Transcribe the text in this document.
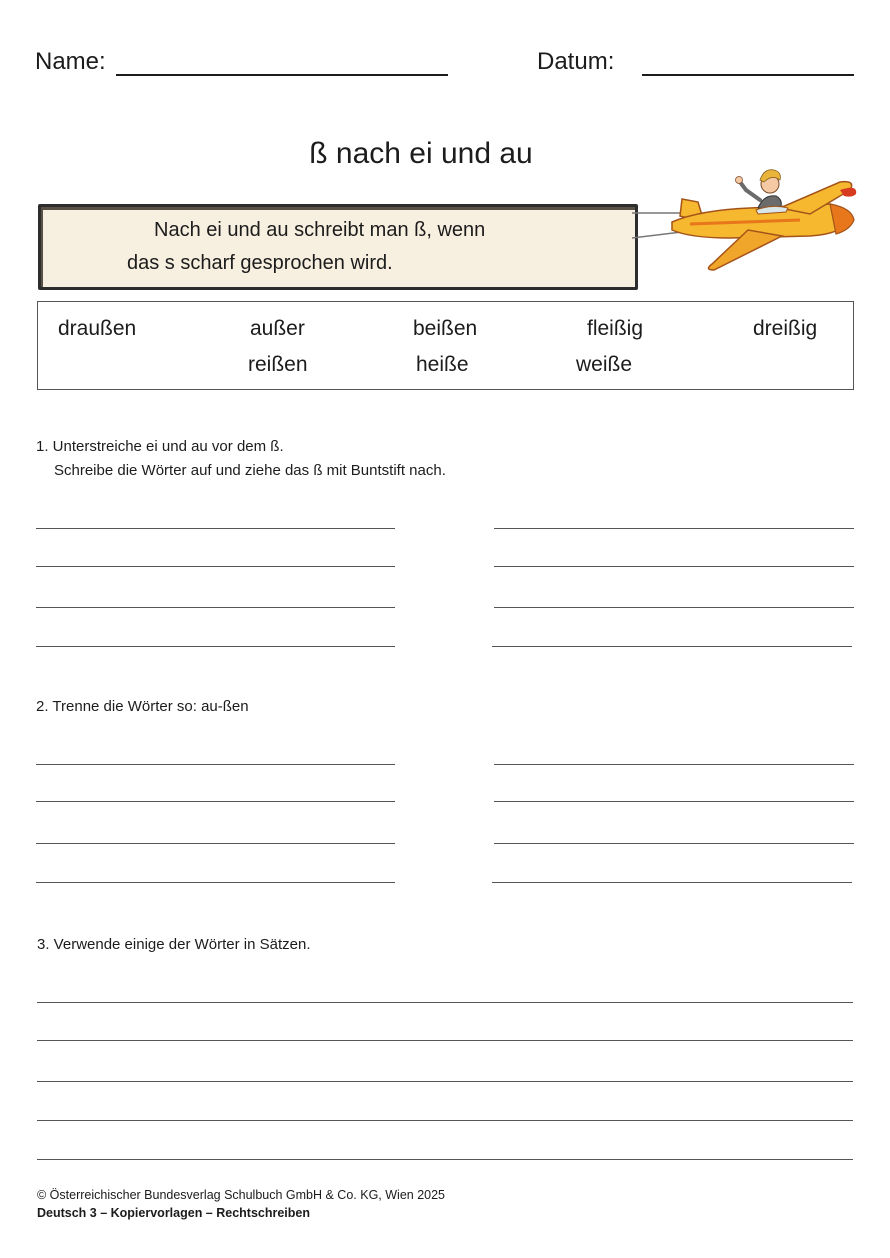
Name:	Datum:
ß nach ei und au
Nach ei und au schreibt man ß, wenn
das s scharf gesprochen wird.
draußen	außer	beißen	fleißig	dreißig
reißen	heiße	weiße
1. Unterstreiche ei und au vor dem ß.
Schreibe die Wörter auf und ziehe das ß mit Buntstift nach.
2. Trenne die Wörter so: au-ßen
3. Verwende einige der Wörter in Sätzen.
© Österreichischer Bundesverlag Schulbuch GmbH & Co. KG, Wien 2025
Deutsch 3 – Kopiervorlagen – Rechtschreiben
